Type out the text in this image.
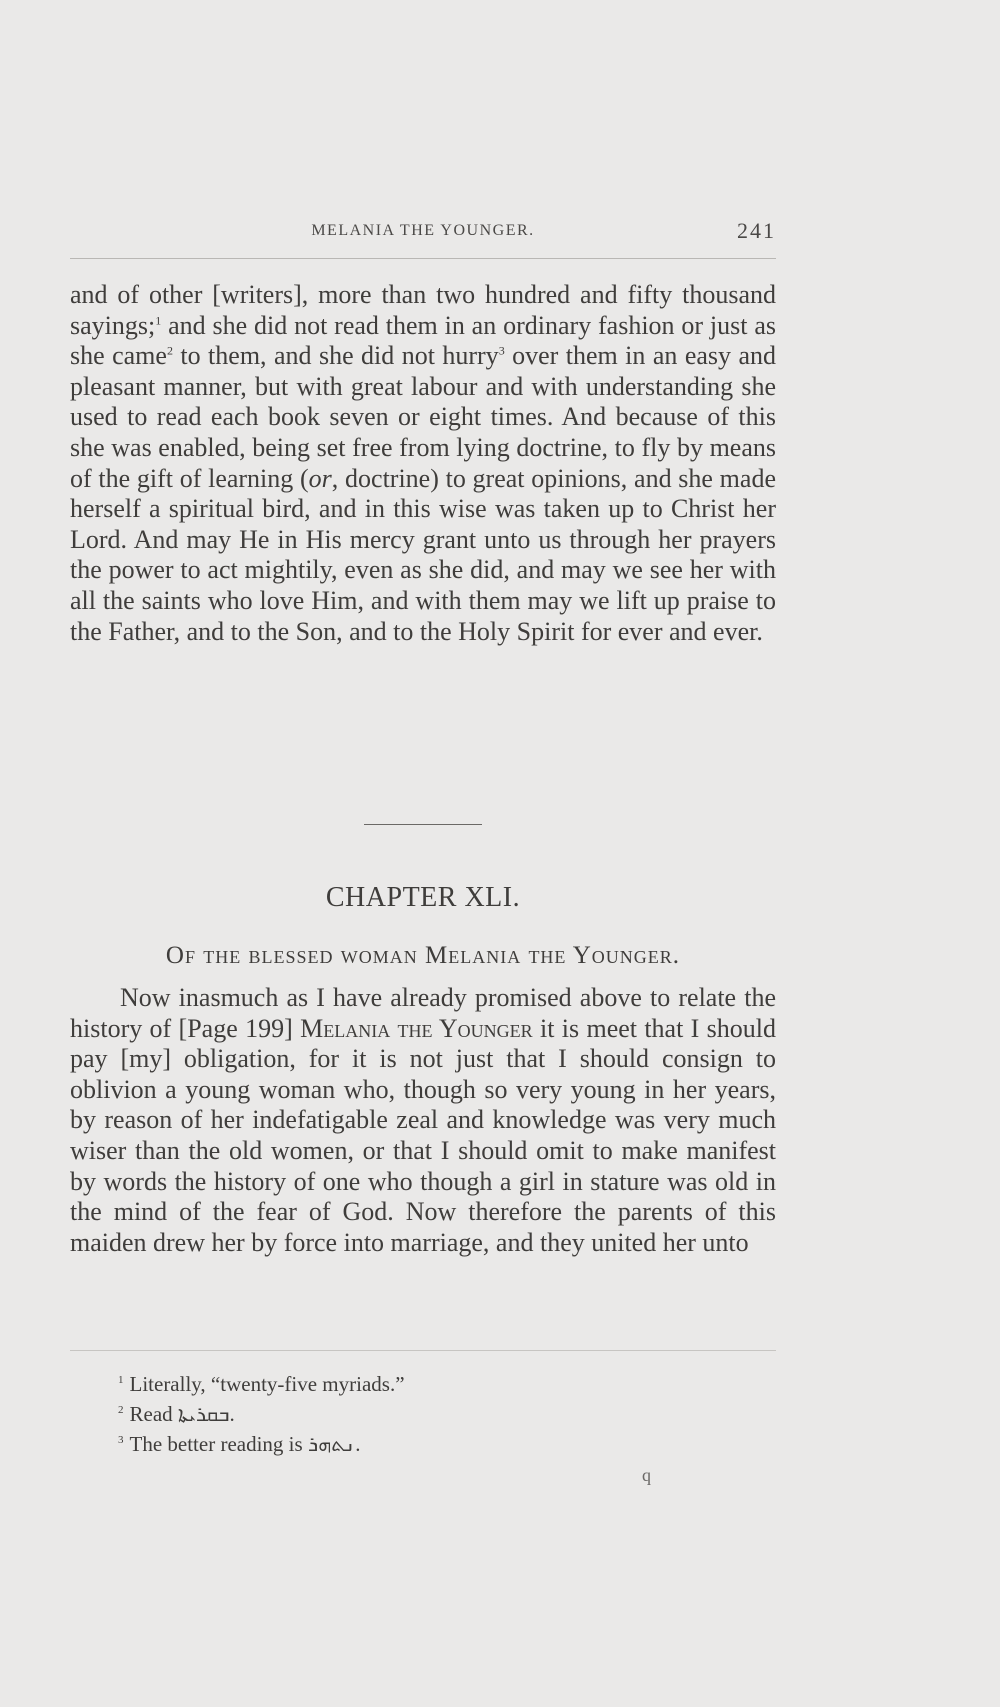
MELANIA THE YOUNGER.	241

and of other [writers], more than two hundred and fifty thousand sayings;$^1$ and she did not read them in an ordinary fashion or just as she came$^2$ to them, and she did not hurry$^3$ over them in an easy and pleasant manner, but with great labour and with understanding she used to read each book seven or eight times. And because of this she was enabled, being set free from lying doctrine, to fly by means of the gift of learning (or, doctrine) to great opinions, and she made herself a spiritual bird, and in this wise was taken up to Christ her Lord. And may He in His mercy grant unto us through her prayers the power to act mightily, even as she did, and may we see her with all the saints who love Him, and with them may we lift up praise to the Father, and to the Son, and to the Holy Spirit for ever and ever.

CHAPTER XLI.

Of the blessed woman Melania the Younger.

Now inasmuch as I have already promised above to relate the history of [Page 199] Melania the Younger it is meet that I should pay [my] obligation, for it is not just that I should consign to oblivion a young woman who, though so very young in her years, by reason of her indefatigable zeal and knowledge was very much wiser than the old women, or that I should omit to make manifest by words the history of one who though a girl in stature was old in the mind of the fear of God. Now therefore the parents of this maiden drew her by force into marriage, and they united her unto

$^1$ Literally, “twenty-five myriads.”
$^2$ Read ܒܩܪܝܬܐ.
$^3$ The better reading is ܢܬܗܪ.
q
